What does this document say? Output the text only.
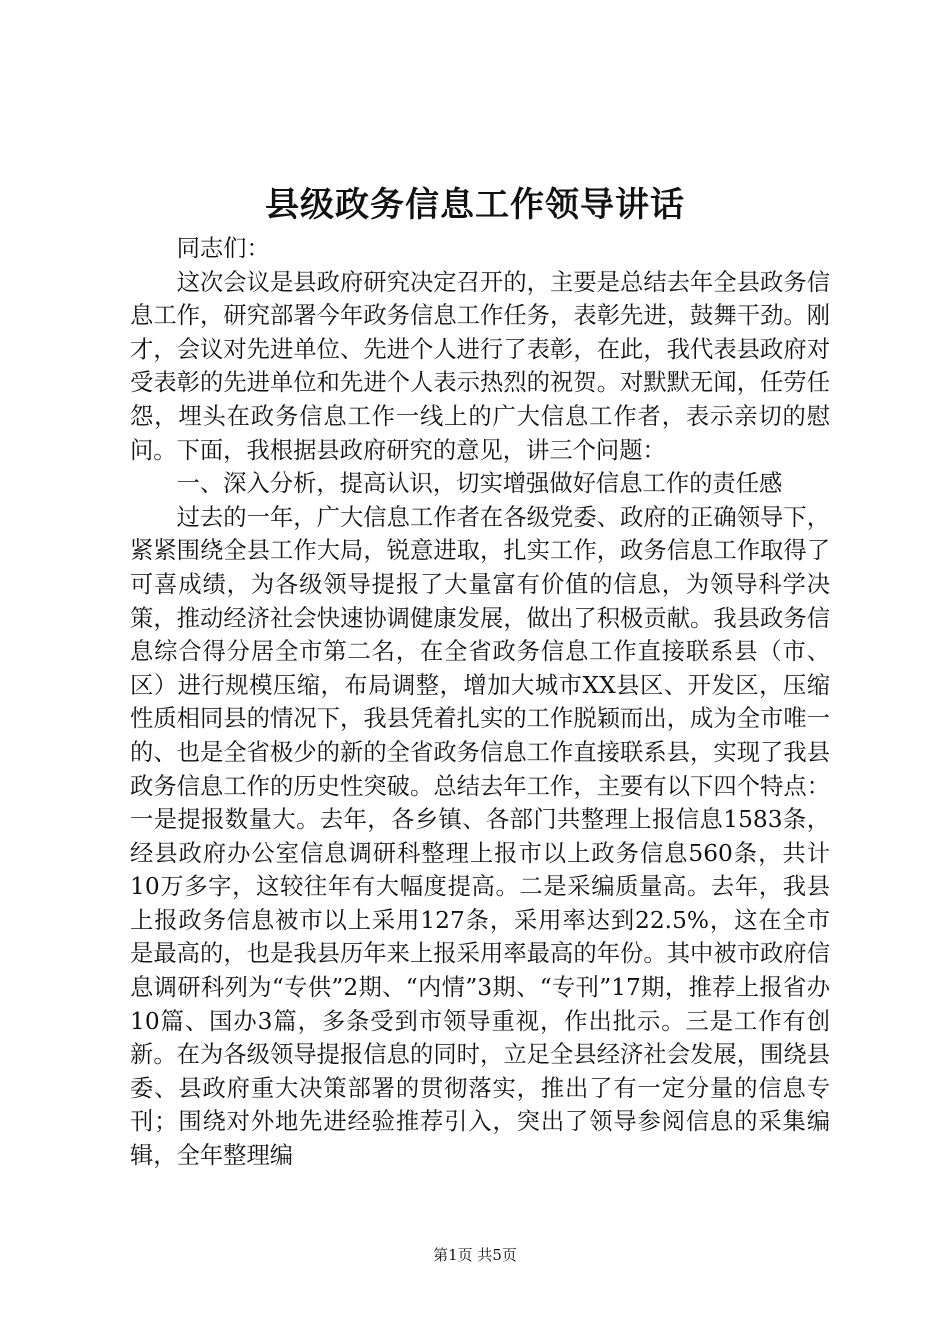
县级政务信息工作领导讲话

同志们：

这次会议是县政府研究决定召开的，主要是总结去年全县政务信息工作，研究部署今年政务信息工作任务，表彰先进，鼓舞干劲。刚才，会议对先进单位、先进个人进行了表彰，在此，我代表县政府对受表彰的先进单位和先进个人表示热烈的祝贺。对默默无闻，任劳任怨，埋头在政务信息工作一线上的广大信息工作者，表示亲切的慰问。下面，我根据县政府研究的意见，讲三个问题：

一、深入分析，提高认识，切实增强做好信息工作的责任感

过去的一年，广大信息工作者在各级党委、政府的正确领导下，紧紧围绕全县工作大局，锐意进取，扎实工作，政务信息工作取得了可喜成绩，为各级领导提报了大量富有价值的信息，为领导科学决策，推动经济社会快速协调健康发展，做出了积极贡献。我县政务信息综合得分居全市第二名，在全省政务信息工作直接联系县（市、区）进行规模压缩，布局调整，增加大城市XX县区、开发区，压缩性质相同县的情况下，我县凭着扎实的工作脱颖而出，成为全市唯一的、也是全省极少的新的全省政务信息工作直接联系县，实现了我县政务信息工作的历史性突破。总结去年工作，主要有以下四个特点：一是提报数量大。去年，各乡镇、各部门共整理上报信息1583条，经县政府办公室信息调研科整理上报市以上政务信息560条，共计10万多字，这较往年有大幅度提高。二是采编质量高。去年，我县上报政务信息被市以上采用127条，采用率达到22.5%，这在全市是最高的，也是我县历年来上报采用率最高的年份。其中被市政府信息调研科列为“专供”2期、“内情”3期、“专刊”17期，推荐上报省办10篇、国办3篇，多条受到市领导重视，作出批示。三是工作有创新。在为各级领导提报信息的同时，立足全县经济社会发展，围绕县委、县政府重大决策部署的贯彻落实，推出了有一定分量的信息专刊；围绕对外地先进经验推荐引入，突出了领导参阅信息的采集编辑，全年整理编

第1页 共5页
